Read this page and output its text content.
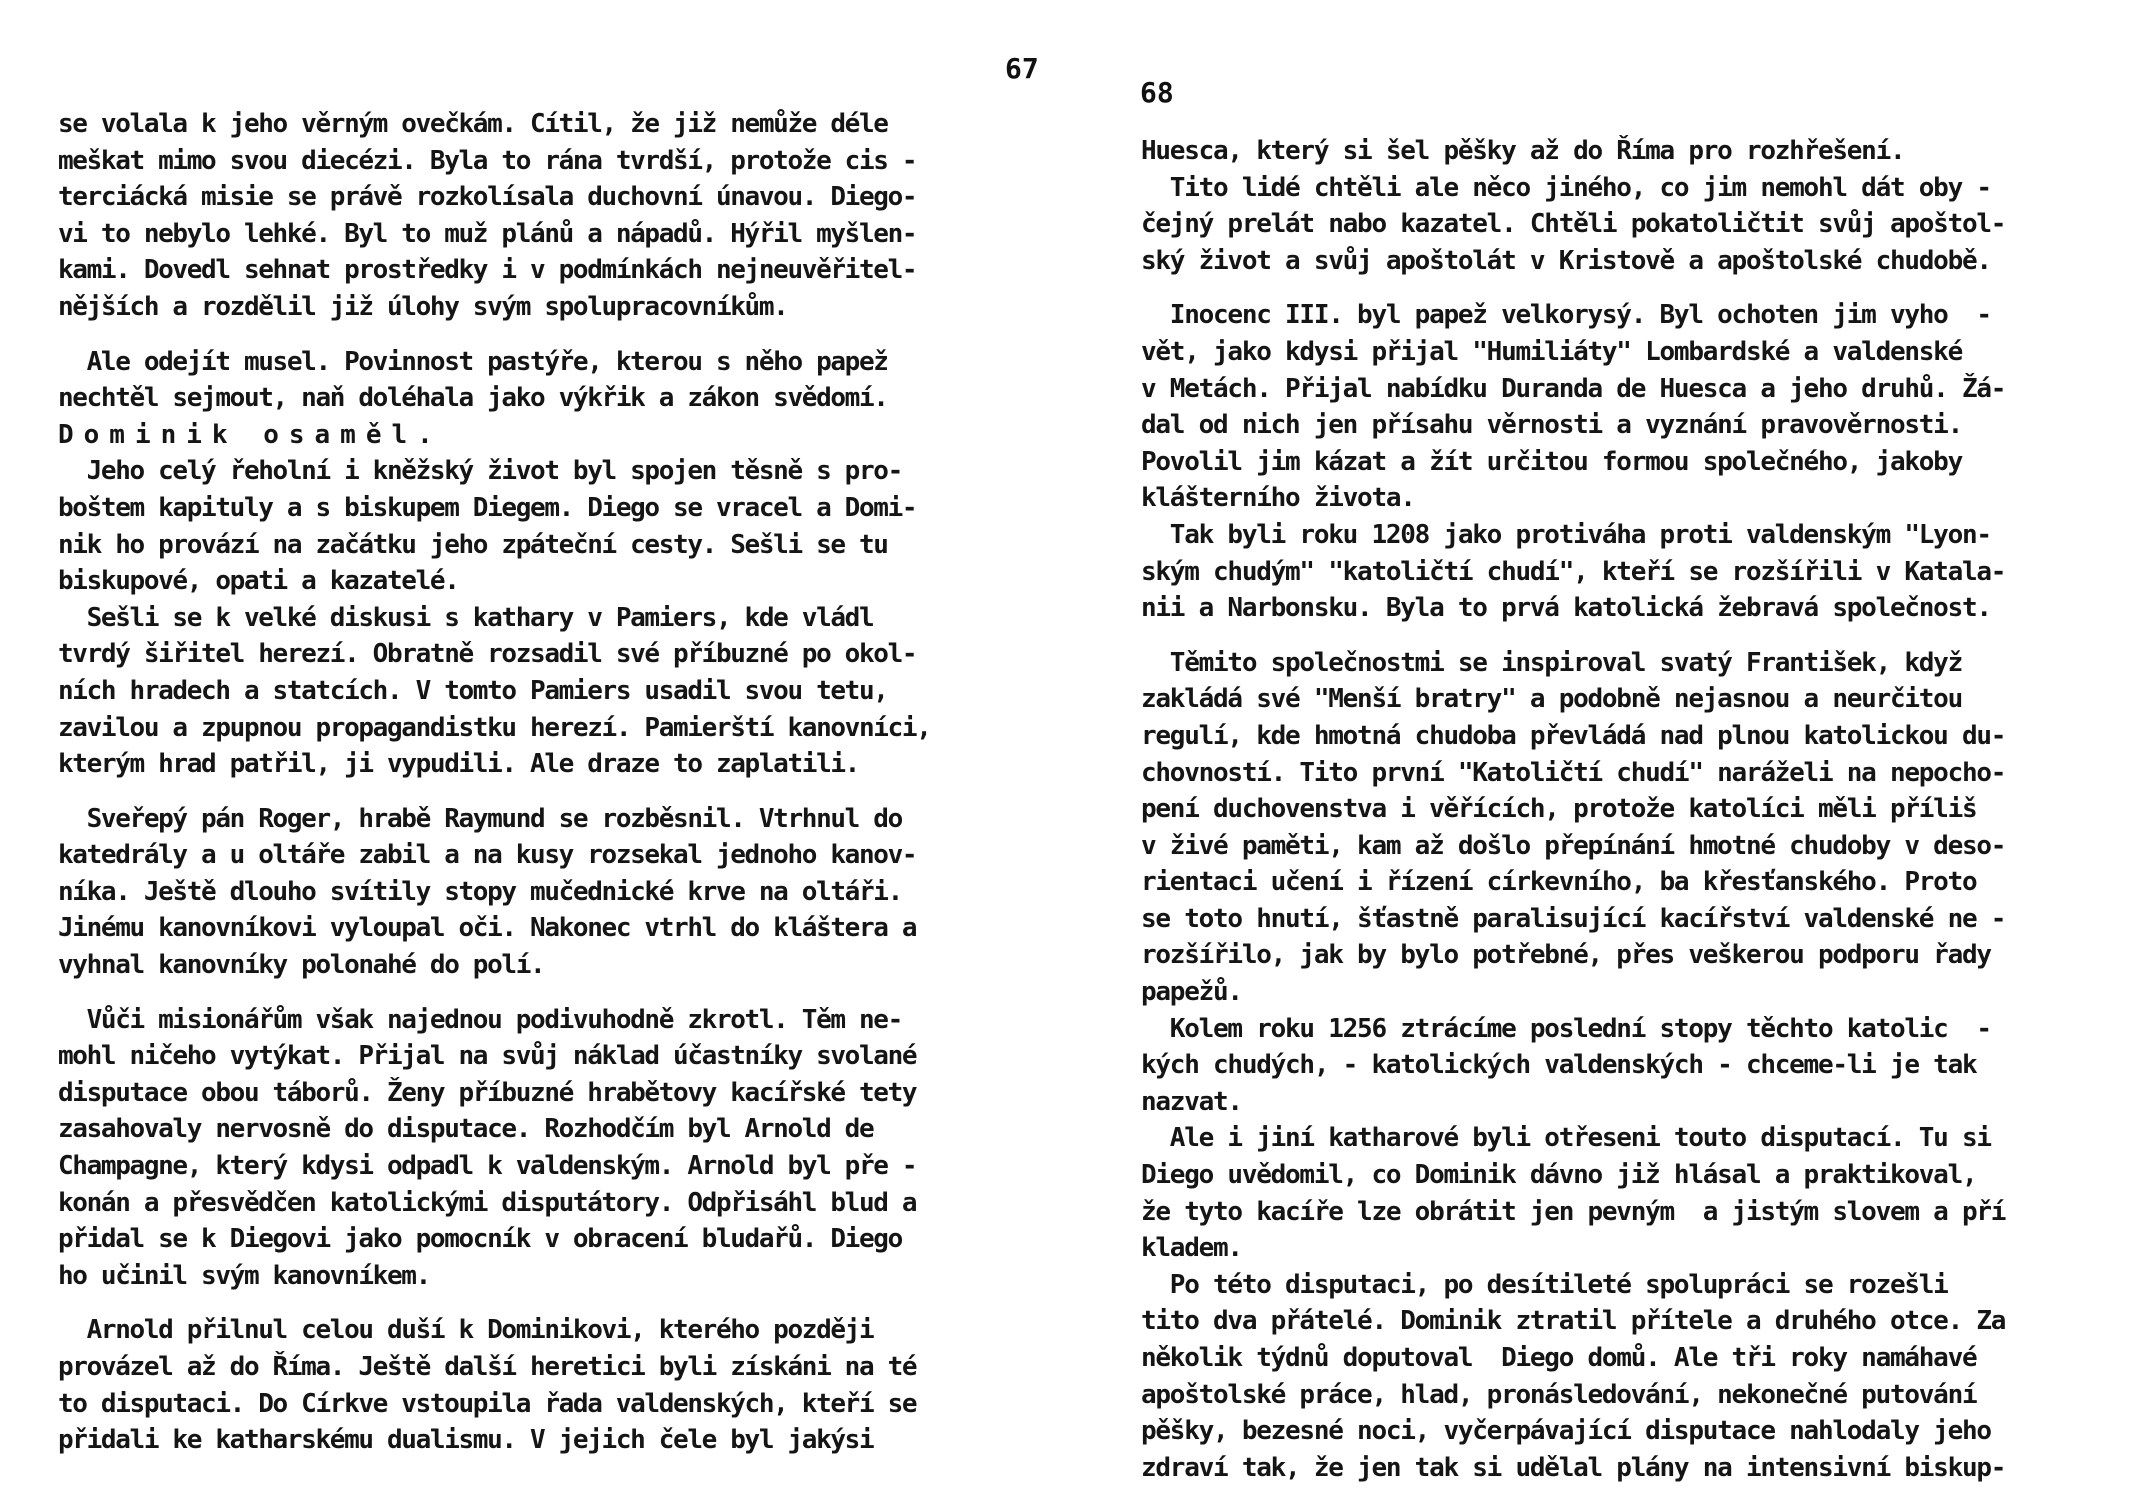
67
se volala k jeho věrným ovečkám. Cítil, že již nemůže déle
meškat mimo svou diecézi. Byla to rána tvrdší, protože cis -
terciácká misie se právě rozkolísala duchovní únavou. Diego-
vi to nebylo lehké. Byl to muž plánů a nápadů. Hýřil myšlen-
kami. Dovedl sehnat prostředky i v podmínkách nejneuvěřitel-
nějších a rozdělil již úlohy svým spolupracovníkům.
Ale odejít musel. Povinnost pastýře, kterou s něho papež
nechtěl sejmout, naň doléhala jako výkřik a zákon svědomí.
Dominik osaměl.
Jeho celý řeholní i kněžský život byl spojen těsně s pro-
boštem kapituly a s biskupem Diegem. Diego se vracel a Domi-
nik ho provází na začátku jeho zpáteční cesty. Sešli se tu
biskupové, opati a kazatelé.
Sešli se k velké diskusi s kathary v Pamiers, kde vládl
tvrdý šiřitel herezí. Obratně rozsadil své příbuzné po okol-
ních hradech a statcích. V tomto Pamiers usadil svou tetu,
zavilou a zpupnou propagandistku herezí. Pamierští kanovníci,
kterým hrad patřil, ji vypudili. Ale draze to zaplatili.
Sveřepý pán Roger, hrabě Raymund se rozběsnil. Vtrhnul do
katedrály a u oltáře zabil a na kusy rozsekal jednoho kanov-
níka. Ještě dlouho svítily stopy mučednické krve na oltáři.
Jinému kanovníkovi vyloupal oči. Nakonec vtrhl do kláštera a
vyhnal kanovníky polonahé do polí.
Vůči misionářům však najednou podivuhodně zkrotl. Těm ne-
mohl ničeho vytýkat. Přijal na svůj náklad účastníky svolané
disputace obou táborů. Ženy příbuzné hrabětovy kacířské tety
zasahovaly nervosně do disputace. Rozhodčím byl Arnold de
Champagne, který kdysi odpadl k valdenským. Arnold byl pře -
konán a přesvědčen katolickými disputátory. Odpřisáhl blud a
přidal se k Diegovi jako pomocník v obracení bludařů. Diego
ho učinil svým kanovníkem.
Arnold přilnul celou duší k Dominikovi, kterého později
provázel až do Říma. Ještě další heretici byli získáni na té
to disputaci. Do Církve vstoupila řada valdenských, kteří se
přidali ke katharskému dualismu. V jejich čele byl jakýsi
68
Huesca, který si šel pěšky až do Říma pro rozhřešení.
Tito lidé chtěli ale něco jiného, co jim nemohl dát oby -
čejný prelát nabo kazatel. Chtěli pokatoličtit svůj apoštol-
ský život a svůj apoštolát v Kristově a apoštolské chudobě.
Inocenc III. byl papež velkorysý. Byl ochoten jim vyho  -
vět, jako kdysi přijal "Humiliáty" Lombardské a valdenské
v Metách. Přijal nabídku Duranda de Huesca a jeho druhů. Žá-
dal od nich jen přísahu věrnosti a vyznání pravověrnosti.
Povolil jim kázat a žít určitou formou společného, jakoby
klášterního života.
Tak byli roku 1208 jako protiváha proti valdenským "Lyon-
ským chudým" "katoličtí chudí", kteří se rozšířili v Katala-
nii a Narbonsku. Byla to prvá katolická žebravá společnost.
Těmito společnostmi se inspiroval svatý František, když
zakládá své "Menší bratry" a podobně nejasnou a neurčitou
regulí, kde hmotná chudoba převládá nad plnou katolickou du-
chovností. Tito první "Katoličtí chudí" naráželi na nepocho-
pení duchovenstva i věřících, protože katolíci měli příliš
v živé paměti, kam až došlo přepínání hmotné chudoby v deso-
rientaci učení i řízení církevního, ba křesťanského. Proto
se toto hnutí, šťastně paralisující kacířství valdenské ne -
rozšířilo, jak by bylo potřebné, přes veškerou podporu řady
papežů.
Kolem roku 1256 ztrácíme poslední stopy těchto katolic  -
kých chudých, - katolických valdenských - chceme-li je tak
nazvat.
Ale i jiní katharové byli otřeseni touto disputací. Tu si
Diego uvědomil, co Dominik dávno již hlásal a praktikoval,
že tyto kacíře lze obrátit jen pevným  a jistým slovem a pří
kladem.
Po této disputaci, po desítileté spolupráci se rozešli
tito dva přátelé. Dominik ztratil přítele a druhého otce. Za
několik týdnů doputoval  Diego domů. Ale tři roky namáhavé
apoštolské práce, hlad, pronásledování, nekonečné putování
pěšky, bezesné noci, vyčerpávající disputace nahlodaly jeho
zdraví tak, že jen tak si udělal plány na intensivní biskup-
